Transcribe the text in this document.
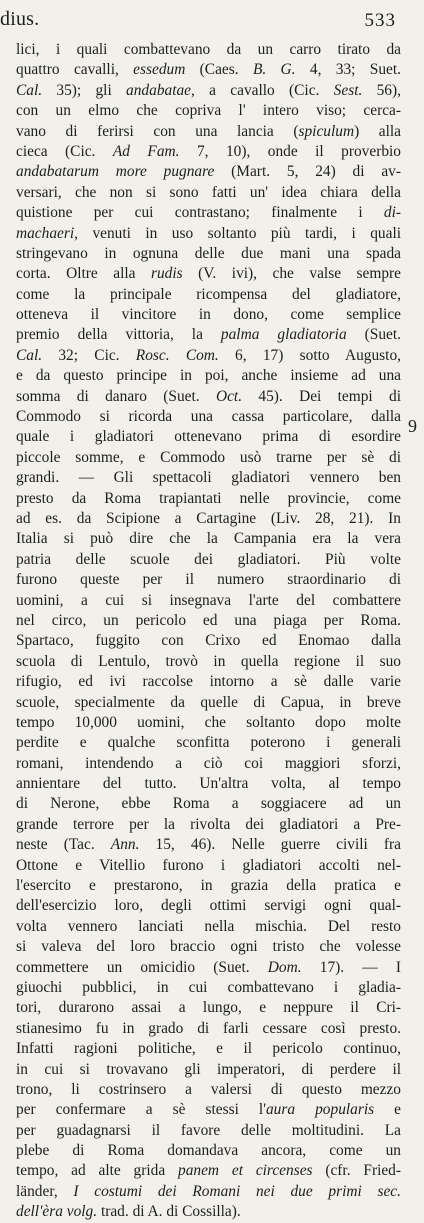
dius.	533
lici, i quali combattevano da un carro tirato da
quattro cavalli, essedum (Caes. B. G. 4, 33; Suet.
Cal. 35); gli andabatae, a cavallo (Cic. Sest. 56),
con un elmo che copriva l' intero viso; cerca-
vano di ferirsi con una lancia (spiculum) alla
cieca (Cic. Ad Fam. 7, 10), onde il proverbio
andabatarum more pugnare (Mart. 5, 24) di av-
versari, che non si sono fatti un' idea chiara della
quistione per cui contrastano; finalmente i di-
machaeri, venuti in uso soltanto più tardi, i quali
stringevano in ognuna delle due mani una spada
corta. Oltre alla rudis (V. ivi), che valse sempre
come la principale ricompensa del gladiatore,
otteneva il vincitore in dono, come semplice
premio della vittoria, la palma gladiatoria (Suet.
Cal. 32; Cic. Rosc. Com. 6, 17) sotto Augusto,
e da questo principe in poi, anche insieme ad una
somma di danaro (Suet. Oct. 45). Dei tempi di
Commodo si ricorda una cassa particolare, dalla
quale i gladiatori ottenevano prima di esordire
piccole somme, e Commodo usò trarne per sè di
grandi. — Gli spettacoli gladiatori vennero ben
presto da Roma trapiantati nelle provincie, come
ad es. da Scipione a Cartagine (Liv. 28, 21). In
Italia si può dire che la Campania era la vera
patria delle scuole dei gladiatori. Più volte
furono queste per il numero straordinario di
uomini, a cui si insegnava l'arte del combattere
nel circo, un pericolo ed una piaga per Roma.
Spartaco, fuggito con Crixo ed Enomao dalla
scuola di Lentulo, trovò in quella regione il suo
rifugio, ed ivi raccolse intorno a sè dalle varie
scuole, specialmente da quelle di Capua, in breve
tempo 10,000 uomini, che soltanto dopo molte
perdite e qualche sconfitta poterono i generali
romani, intendendo a ciò coi maggiori sforzi,
annientare del tutto. Un'altra volta, al tempo
di Nerone, ebbe Roma a soggiacere ad un
grande terrore per la rivolta dei gladiatori a Pre-
neste (Tac. Ann. 15, 46). Nelle guerre civili fra
Ottone e Vitellio furono i gladiatori accolti nel-
l'esercito e prestarono, in grazia della pratica e
dell'esercizio loro, degli ottimi servigi ogni qual-
volta vennero lanciati nella mischia. Del resto
si valeva del loro braccio ogni tristo che volesse
commettere un omicidio (Suet. Dom. 17). — I
giuochi pubblici, in cui combattevano i gladia-
tori, durarono assai a lungo, e neppure il Cri-
stianesimo fu in grado di farli cessare così presto.
Infatti ragioni politiche, e il pericolo continuo,
in cui si trovavano gli imperatori, di perdere il
trono, li costrinsero a valersi di questo mezzo
per confermare a sè stessi l'aura popularis e
per guadagnarsi il favore delle moltitudini. La
plebe di Roma domandava ancora, come un
tempo, ad alte grida panem et circenses (cfr. Fried-
länder, I costumi dei Romani nei due primi sec.
dell'èra volg. trad. di A. di Cossilla).
9
